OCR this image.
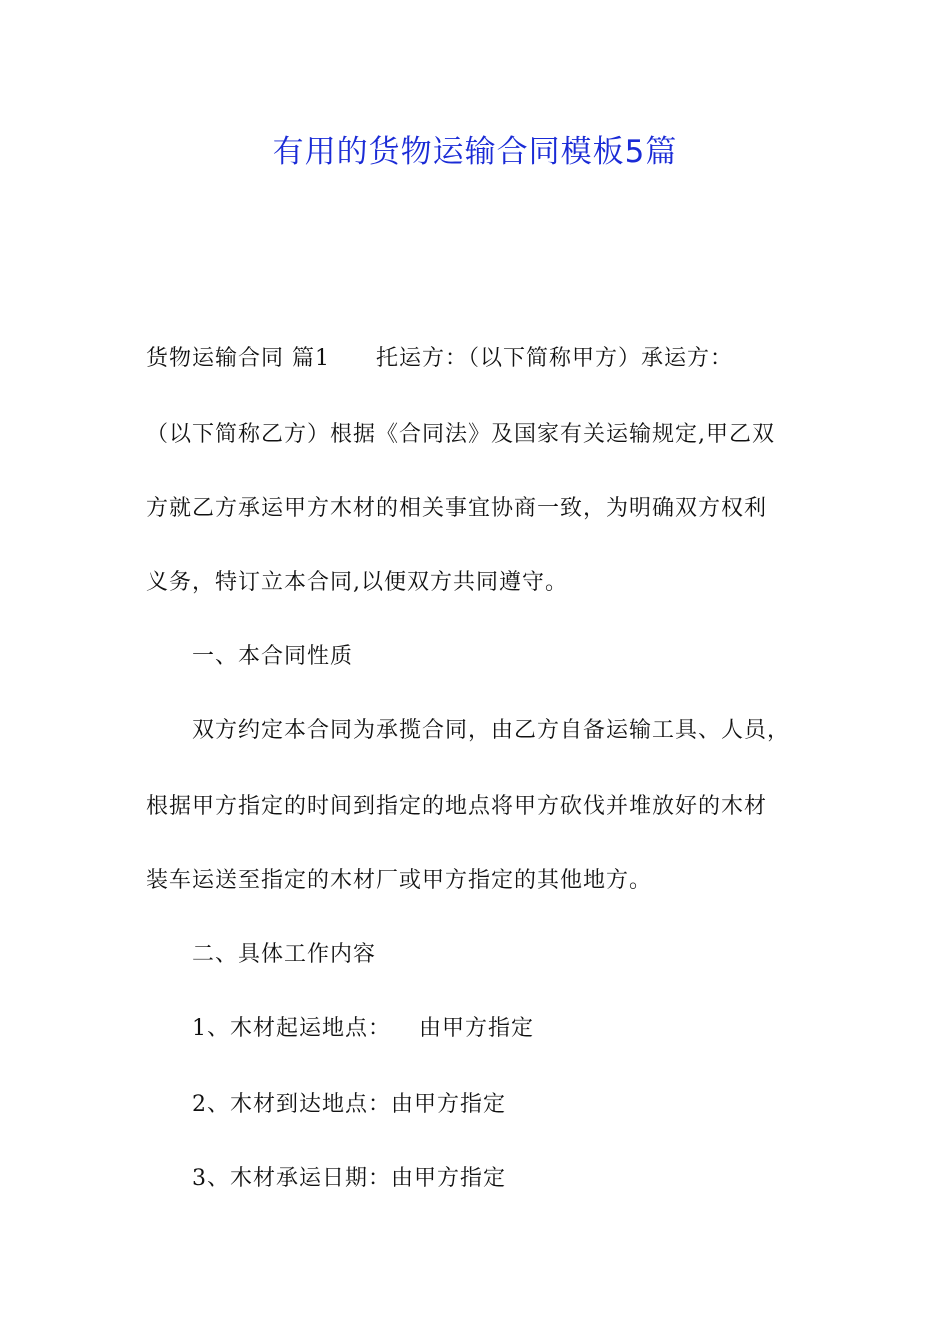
有用的货物运输合同模板5篇
货物运输合同 篇1 托运方：（以下简称甲方）承运方：
（以下简称乙方）根据《合同法》及国家有关运输规定,甲乙双
方就乙方承运甲方木材的相关事宜协商一致，为明确双方权利
义务，特订立本合同,以便双方共同遵守。
一、本合同性质
双方约定本合同为承揽合同，由乙方自备运输工具、人员，
根据甲方指定的时间到指定的地点将甲方砍伐并堆放好的木材
装车运送至指定的木材厂或甲方指定的其他地方。
二、具体工作内容
1、木材起运地点： 由甲方指定
2、木材到达地点：由甲方指定
3、木材承运日期：由甲方指定
